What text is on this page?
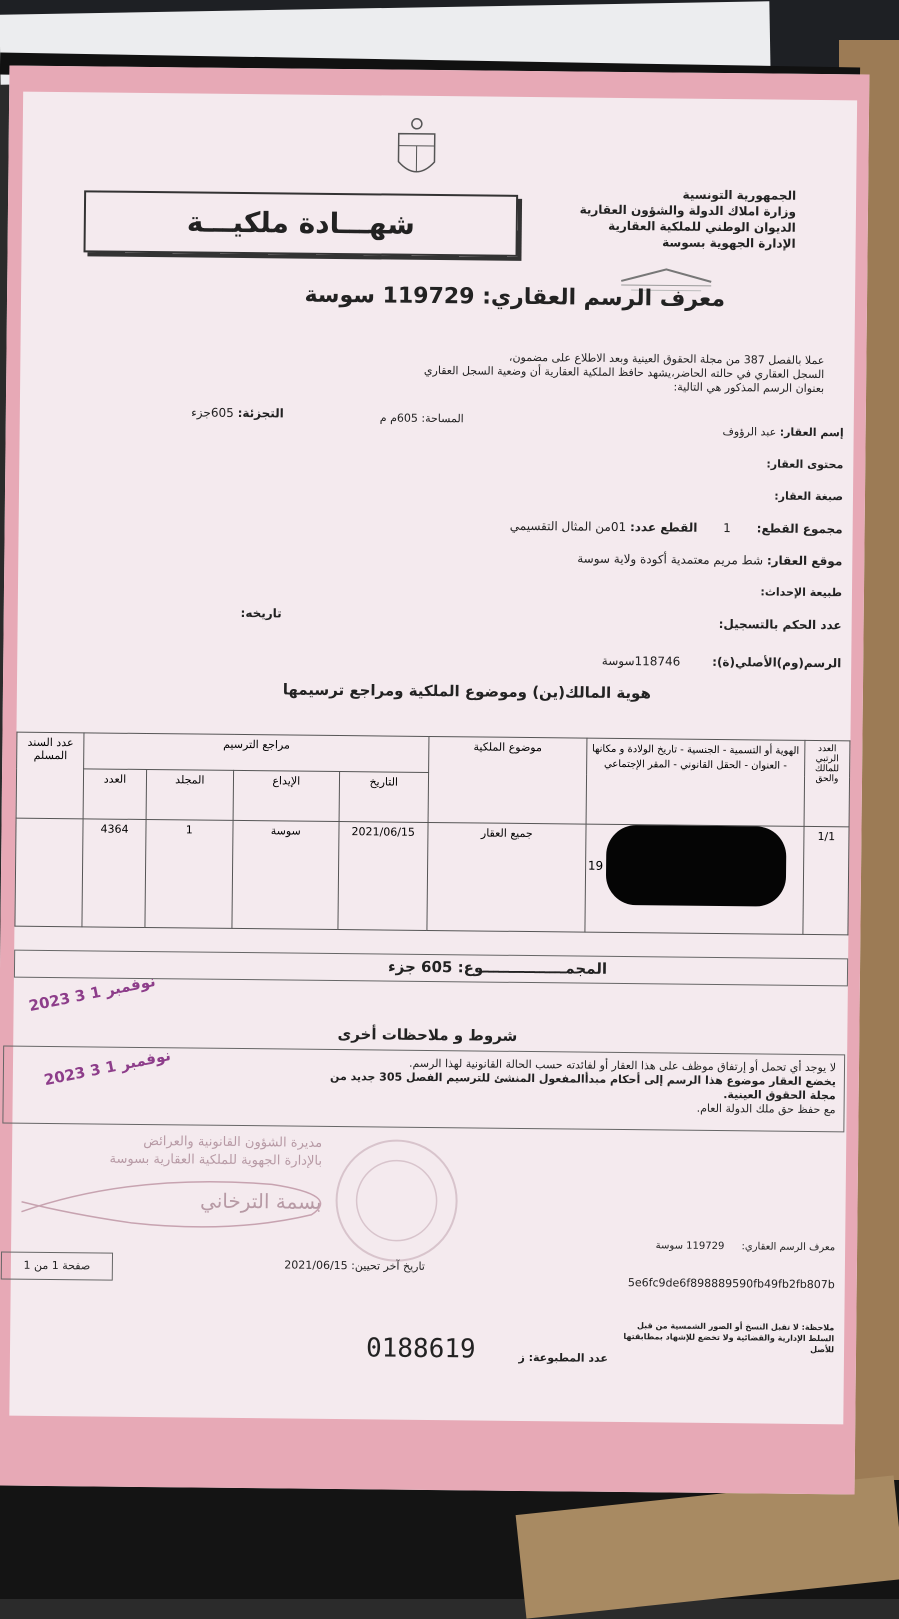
الجمهورية التونسية
وزارة املاك الدولة والشؤون العقارية
الديوان الوطني للملكية العقارية
الإدارة الجهوية بسوسة
شهـــادة ملكيـــة
معرف الرسم العقاري: 119729 سوسة
عملا بالفصل 387 من مجلة الحقوق العينية وبعد الاطلاع على مضمون،
السجل العقاري في حالته الحاضر،يشهد حافظ الملكية العقارية أن وضعية السجل العقاري
بعنوان الرسم المذكور هي التالية:
إسم العقار: عبد الرؤوف
المساحة: 605م م
التجزئة: 605جزء
محتوى العقار:
صبغة العقار:
مجموع القطع: 1 القطع عدد: 01من المثال التقسيمي
موقع العقار: شط مريم معتمدية أكودة ولاية سوسة
طبيعة الإحداث:
عدد الحكم بالتسجيل:
تاريخه:
الرسم(وم)الأصلي(ة): 118746سوسة
هوية المالك(ين) وموضوع الملكية ومراجع ترسيمها
العدد الرتبي للمالك والحق	الهوية أو التسمية - الجنسية - تاريخ الولادة و مكانها - العنوان - الحقل القانوني - المقر الإجتماعي	موضوع الملكية	مراجع الترسيم				عدد السند المسلم
			التاريخ	الإيداع	المجلد	العدد	
1/1	19	جميع العقار	2021/06/15	سوسة	1	4364	
المجمــــــــــــــــوع: 605 جزء
2023 نوفمبر 1 3
شروط و ملاحظات أخرى
لا يوجد أي تحمل أو إرتفاق موظف على هذا العقار أو لفائدته حسب الحالة القانونية لهذا الرسم.
يخضع العقار موضوع هذا الرسم إلى أحكام مبدأالمفعول المنشئ للترسيم الفصل 305 جديد من مجلة الحقوق العينية.
مع حفظ حق ملك الدولة العام.
2023 نوفمبر 1 3
مديرة الشؤون القانونية والعرائض
بالإدارة الجهوية للملكية العقارية بسوسة
بسمة الترخاني
معرف الرسم العقاري: 119729 سوسة
تاريخ آخر تحيين: 2021/06/15
صفحة 1 من 1
5e6fc9de6f898889590fb49fb2fb807b
ملاحظة: لا تقبل النسخ أو الصور الشمسية من قبل السلط الإدارية والقضائية ولا تخضع للإشهاد بمطابقتها للأصل
عدد المطبوعة: ز
0188619
